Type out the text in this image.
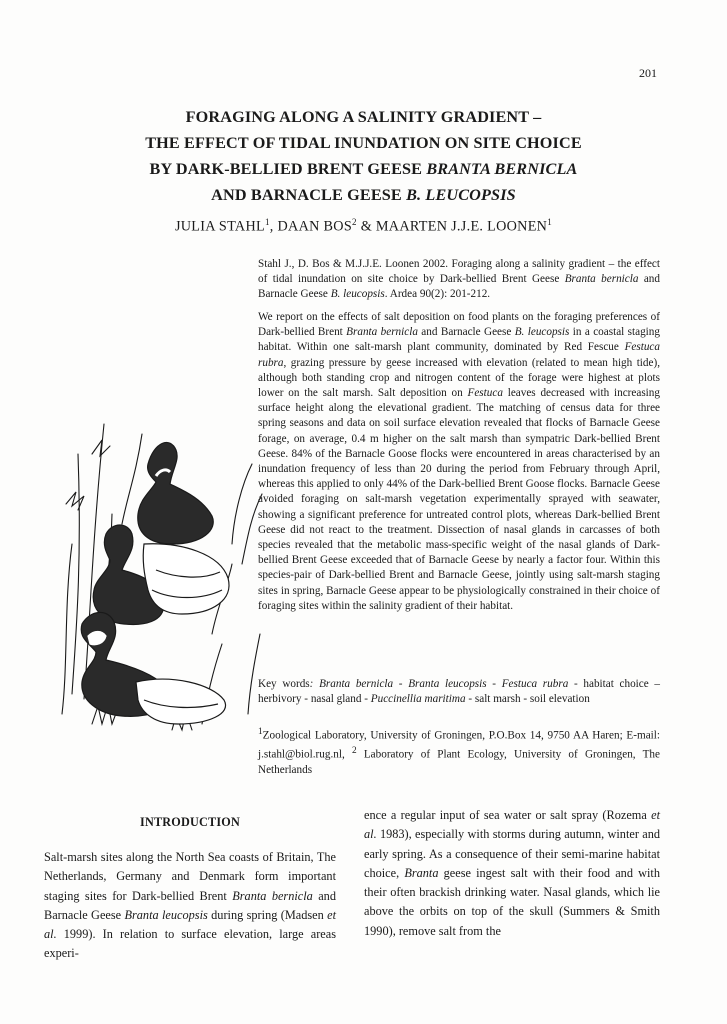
201
FORAGING ALONG A SALINITY GRADIENT –
THE EFFECT OF TIDAL INUNDATION ON SITE CHOICE
BY DARK-BELLIED BRENT GEESE BRANTA BERNICLA
AND BARNACLE GEESE B. LEUCOPSIS
JULIA STAHL$^1$, DAAN BOS$^2$ & MAARTEN J.J.E. LOONEN$^1$

Stahl J., D. Bos & M.J.J.E. Loonen 2002. Foraging along a salinity gradient – the effect of tidal inundation on site choice by Dark-bellied Brent Geese Branta bernicla and Barnacle Geese B. leucopsis. Ardea 90(2): 201-212.

We report on the effects of salt deposition on food plants on the foraging preferences of Dark-bellied Brent Branta bernicla and Barnacle Geese B. leucopsis in a coastal staging habitat. Within one salt-marsh plant community, dominated by Red Fescue Festuca rubra, grazing pressure by geese increased with elevation (related to mean high tide), although both standing crop and nitrogen content of the forage were highest at plots lower on the salt marsh. Salt deposition on Festuca leaves decreased with increasing surface height along the elevational gradient. The matching of census data for three spring seasons and data on soil surface elevation revealed that flocks of Barnacle Geese forage, on average, 0.4 m higher on the salt marsh than sympatric Dark-bellied Brent Geese. 84% of the Barnacle Goose flocks were encountered in areas characterised by an inundation frequency of less than 20 during the period from February through April, whereas this applied to only 44% of the Dark-bellied Brent Goose flocks. Barnacle Geese avoided foraging on salt-marsh vegetation experimentally sprayed with seawater, showing a significant preference for untreated control plots, whereas Dark-bellied Brent Geese did not react to the treatment. Dissection of nasal glands in carcasses of both species revealed that the metabolic mass-specific weight of the nasal glands of Dark-bellied Brent Geese exceeded that of Barnacle Geese by nearly a factor four. Within this species-pair of Dark-bellied Brent and Barnacle Geese, jointly using salt-marsh staging sites in spring, Barnacle Geese appear to be physiologically constrained in their choice of foraging sites within the salinity gradient of their habitat.

Key words: Branta bernicla - Branta leucopsis - Festuca rubra - habitat choice – herbivory - nasal gland - Puccinellia maritima - salt marsh - soil elevation

$^1$Zoological Laboratory, University of Groningen, P.O.Box 14, 9750 AA Haren; E-mail: j.stahl@biol.rug.nl, $^2$ Laboratory of Plant Ecology, University of Groningen, The Netherlands

INTRODUCTION

Salt-marsh sites along the North Sea coasts of Britain, The Netherlands, Germany and Denmark form important staging sites for Dark-bellied Brent Branta bernicla and Barnacle Geese Branta leucopsis during spring (Madsen et al. 1999). In relation to surface elevation, large areas experi-

ence a regular input of sea water or salt spray (Rozema et al. 1983), especially with storms during autumn, winter and early spring. As a consequence of their semi-marine habitat choice, Branta geese ingest salt with their food and with their often brackish drinking water. Nasal glands, which lie above the orbits on top of the skull (Summers & Smith 1990), remove salt from the
